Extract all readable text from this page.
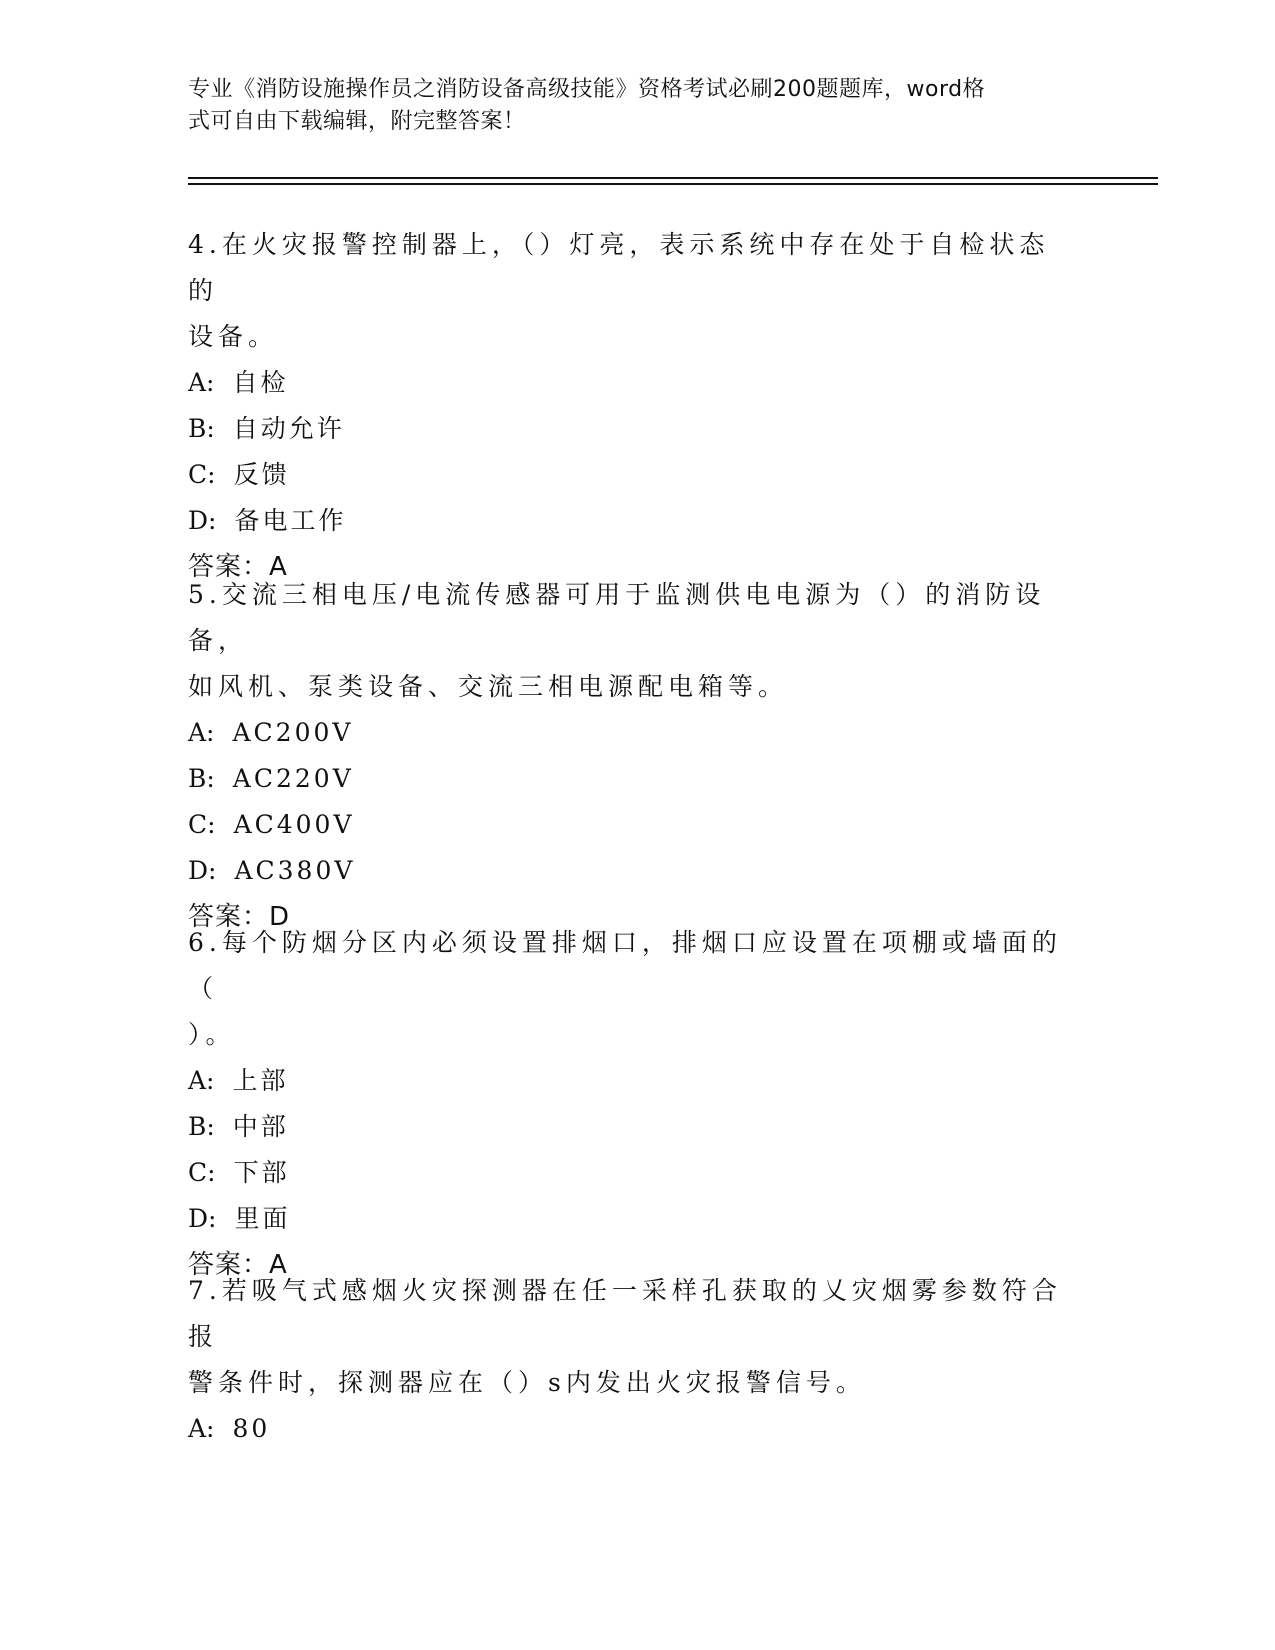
专业《消防设施操作员之消防设备高级技能》资格考试必刷200题题库，word格
式可自由下载编辑，附完整答案！

4.在火灾报警控制器上，（）灯亮，表示系统中存在处于自检状态的

设备。

A: 自检

B: 自动允许

C: 反馈

D: 备电工作

答案：A

5.交流三相电压/电流传感器可用于监测供电电源为（）的消防设备，

如风机、泵类设备、交流三相电源配电箱等。

A: AC200V

B: AC220V

C: AC400V

D: AC380V

答案：D

6.每个防烟分区内必须设置排烟口，排烟口应设置在项棚或墙面的（

）。

A: 上部

B: 中部

C: 下部

D: 里面

答案：A

7.若吸气式感烟火灾探测器在任一采样孔获取的乂灾烟雾参数符合报

警条件时，探测器应在（）s内发出火灾报警信号。

A: 80
